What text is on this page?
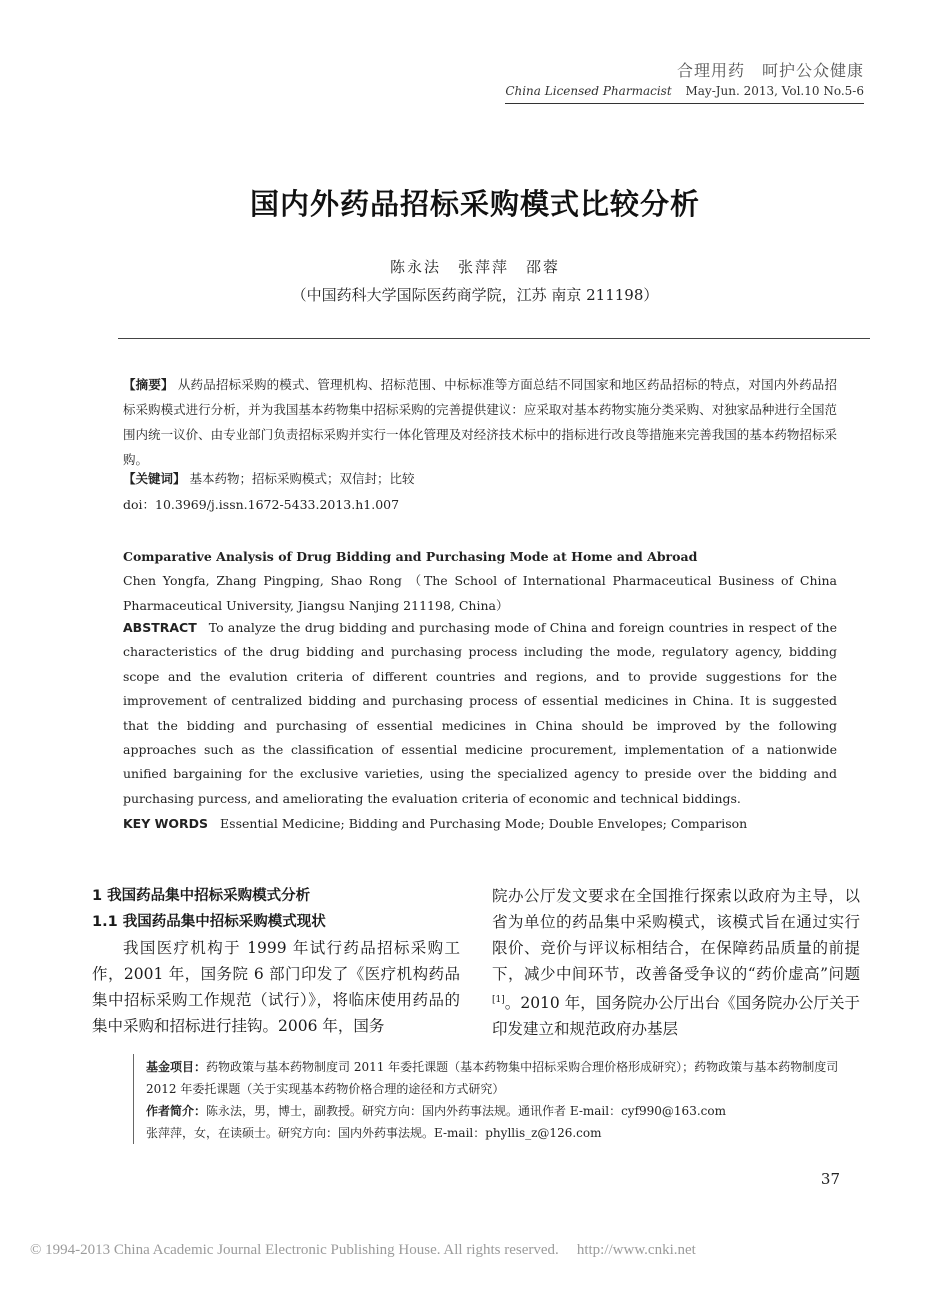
合理用药　呵护公众健康
China Licensed Pharmacist May-Jun. 2013, Vol.10 No.5-6
国内外药品招标采购模式比较分析
陈永法　张萍萍　邵蓉
（中国药科大学国际医药商学院，江苏 南京 211198）
【摘要】 从药品招标采购的模式、管理机构、招标范围、中标标准等方面总结不同国家和地区药品招标的特点，对国内外药品招标采购模式进行分析，并为我国基本药物集中招标采购的完善提供建议：应采取对基本药物实施分类采购、对独家品种进行全国范围内统一议价、由专业部门负责招标采购并实行一体化管理及对经济技术标中的指标进行改良等措施来完善我国的基本药物招标采购。
【关键词】 基本药物；招标采购模式；双信封；比较
doi：10.3969/j.issn.1672-5433.2013.h1.007
Comparative Analysis of Drug Bidding and Purchasing Mode at Home and Abroad
Chen Yongfa, Zhang Pingping, Shao Rong （The School of International Pharmaceutical Business of China Pharmaceutical University, Jiangsu Nanjing 211198, China）
ABSTRACT To analyze the drug bidding and purchasing mode of China and foreign countries in respect of the characteristics of the drug bidding and purchasing process including the mode, regulatory agency, bidding scope and the evalution criteria of different countries and regions, and to provide suggestions for the improvement of centralized bidding and purchasing process of essential medicines in China. It is suggested that the bidding and purchasing of essential medicines in China should be improved by the following approaches such as the classification of essential medicine procurement, implementation of a nationwide unified bargaining for the exclusive varieties, using the specialized agency to preside over the bidding and purchasing purcess, and ameliorating the evaluation criteria of economic and technical biddings.
KEY WORDS Essential Medicine; Bidding and Purchasing Mode; Double Envelopes; Comparison
1 我国药品集中招标采购模式分析
1.1 我国药品集中招标采购模式现状

我国医疗机构于 1999 年试行药品招标采购工作，2001 年，国务院 6 部门印发了《医疗机构药品集中招标采购工作规范（试行）》，将临床使用药品的集中采购和招标进行挂钩。2006 年，国务

院办公厅发文要求在全国推行探索以政府为主导，以省为单位的药品集中采购模式，该模式旨在通过实行限价、竞价与评议标相结合，在保障药品质量的前提下，减少中间环节，改善备受争议的“药价虚高”问题[1]。2010 年，国务院办公厅出台《国务院办公厅关于印发建立和规范政府办基层
基金项目：药物政策与基本药物制度司 2011 年委托课题（基本药物集中招标采购合理价格形成研究）；药物政策与基本药物制度司 2012 年委托课题（关于实现基本药物价格合理的途径和方式研究）
作者简介：陈永法，男，博士，副教授。研究方向：国内外药事法规。通讯作者 E-mail：cyf990@163.com
张萍萍，女，在读硕士。研究方向：国内外药事法规。E-mail：phyllis_z@126.com
37
© 1994-2013 China Academic Journal Electronic Publishing House. All rights reserved. http://www.cnki.net
